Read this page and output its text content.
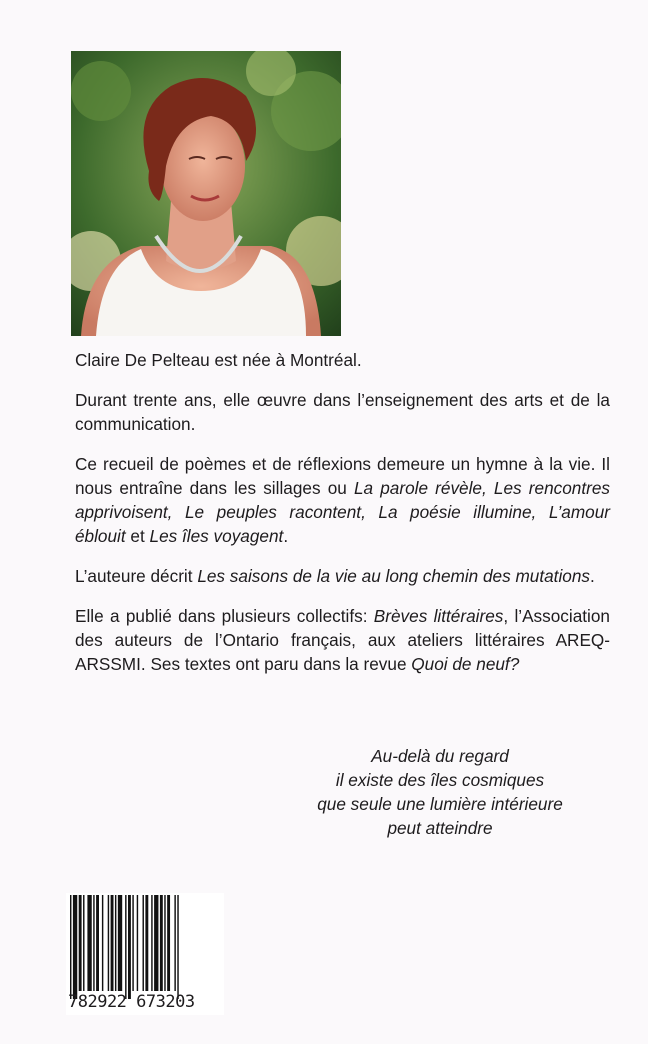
Claire De Pelteau est née à Montréal.

Durant trente ans, elle œuvre dans l’enseignement des arts et de la communication.

Ce recueil de poèmes et de réflexions demeure un hymne à la vie. Il nous entraîne dans les sillages ou La parole révèle, Les rencontres apprivoisent, Le peuples racontent, La poésie illumine, L’amour éblouit et Les îles voyagent.

L’auteure décrit Les saisons de la vie au long chemin des mutations.

Elle a publié dans plusieurs collectifs: Brèves littéraires, l’Association des auteurs de l’Ontario français, aux ateliers littéraires AREQ-ARSSMI. Ses textes ont paru dans la revue Quoi de neuf?

Au-delà du regard
il existe des îles cosmiques
que seule une lumière intérieure
peut atteindre
782922 673203
